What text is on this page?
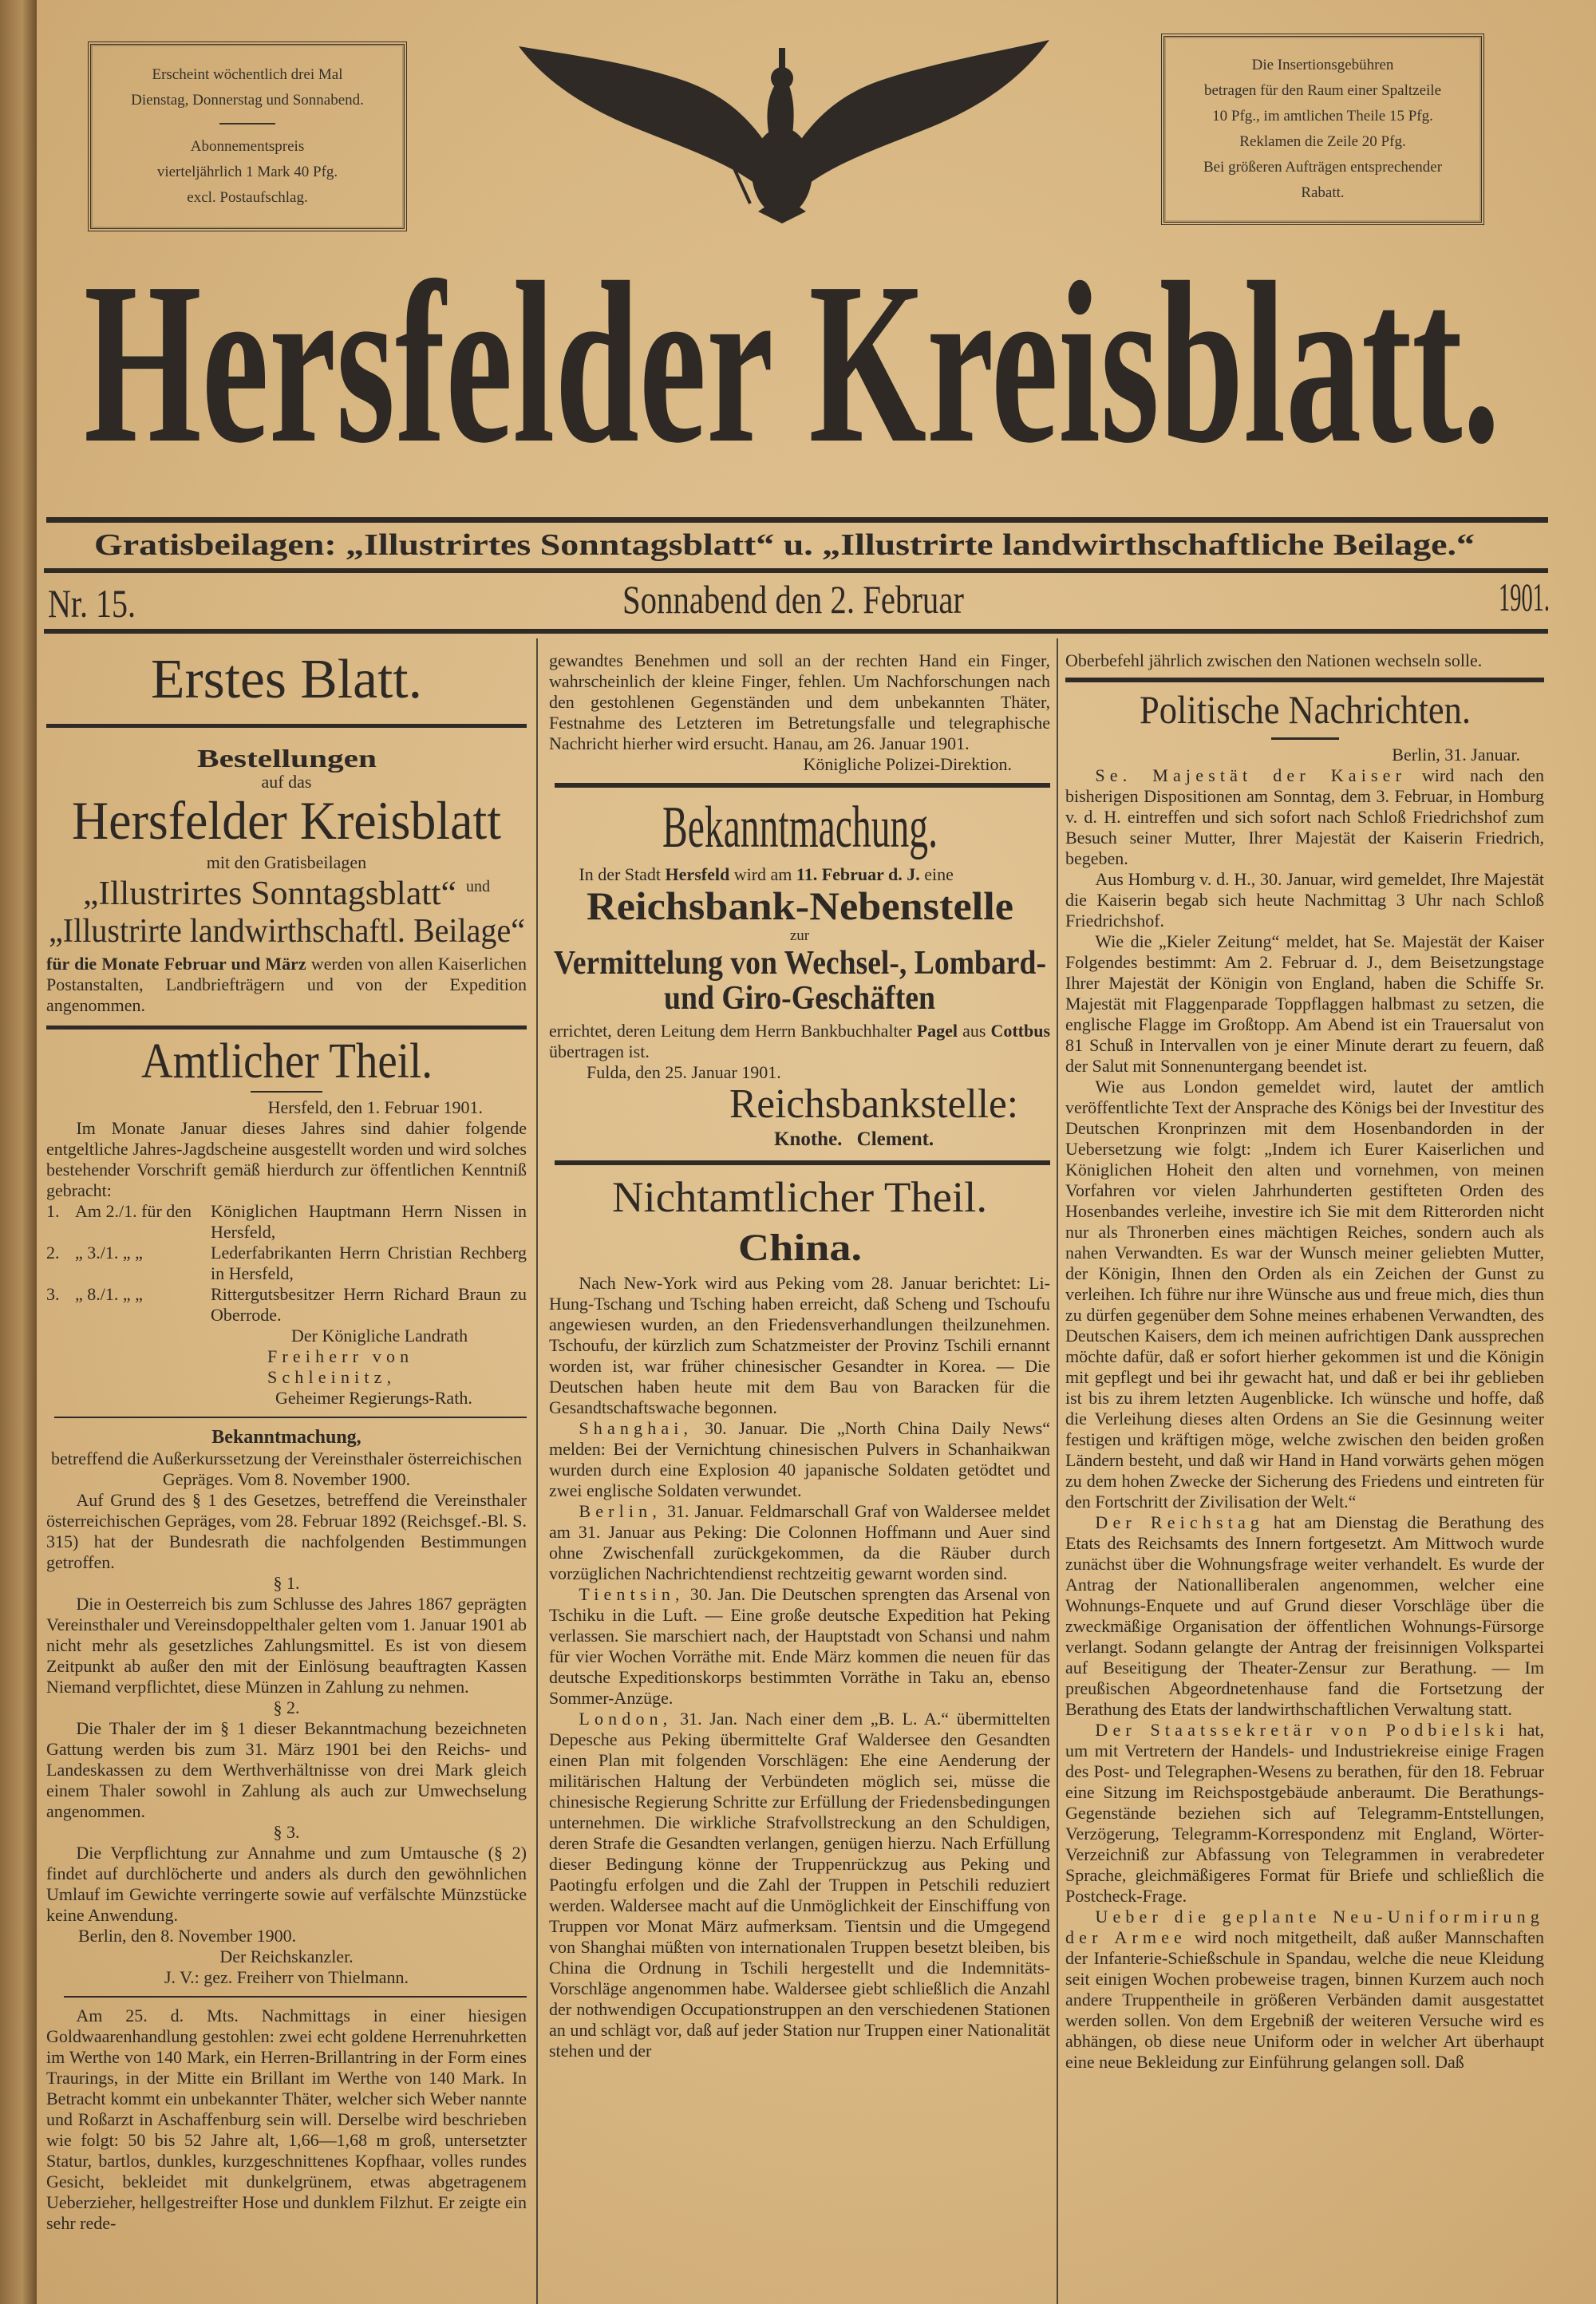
Erscheint wöchentlich drei Mal
Dienstag, Donnerstag und Sonnabend.
Abonnementspreis
vierteljährlich 1 Mark 40 Pfg.
excl. Postaufschlag.
Die Insertionsgebühren
betragen für den Raum einer Spaltzeile
10 Pfg., im amtlichen Theile 15 Pfg.
Reklamen die Zeile 20 Pfg.
Bei größeren Aufträgen entsprechender
Rabatt.
Hersfelder Kreisblatt.
Gratisbeilagen: „Illustrirtes Sonntagsblatt“ u. „Illustrirte landwirthschaftliche Beilage.“
Nr. 15.	Sonnabend den 2. Februar	1901.
Erstes Blatt.
Bestellungen
auf das
Hersfelder Kreisblatt
mit den Gratisbeilagen
„Illustrirtes Sonntagsblatt“ und
„Illustrirte landwirthschaftl. Beilage“
für die Monate Februar und März werden von allen Kaiserlichen Postanstalten, Landbriefträgern und von der Expedition angenommen.
Amtlicher Theil.
Hersfeld, den 1. Februar 1901.
Im Monate Januar dieses Jahres sind dahier folgende entgeltliche Jahres-Jagdscheine ausgestellt worden und wird solches bestehender Vorschrift gemäß hierdurch zur öffentlichen Kenntniß gebracht:
1. Am 2./1. für den	Königlichen Hauptmann Herrn Nissen in Hersfeld,
2. „ 3./1. „ „	Lederfabrikanten Herrn Christian Rechberg in Hersfeld,
3. „ 8./1. „ „	Rittergutsbesitzer Herrn Richard Braun zu Oberrode.
Der Königliche Landrath
Freiherr von Schleinitz,
Geheimer Regierungs-Rath.
Bekanntmachung,
betreffend die Außerkurssetzung der Vereinsthaler österreichischen Gepräges. Vom 8. November 1900.
Auf Grund des § 1 des Gesetzes, betreffend die Vereinsthaler österreichischen Gepräges, vom 28. Februar 1892 (Reichsgef.-Bl. S. 315) hat der Bundesrath die nachfolgenden Bestimmungen getroffen.
§ 1.
Die in Oesterreich bis zum Schlusse des Jahres 1867 geprägten Vereinsthaler und Vereinsdoppelthaler gelten vom 1. Januar 1901 ab nicht mehr als gesetzliches Zahlungsmittel. Es ist von diesem Zeitpunkt ab außer den mit der Einlösung beauftragten Kassen Niemand verpflichtet, diese Münzen in Zahlung zu nehmen.
§ 2.
Die Thaler der im § 1 dieser Bekanntmachung bezeichneten Gattung werden bis zum 31. März 1901 bei den Reichs- und Landeskassen zu dem Werthverhältnisse von drei Mark gleich einem Thaler sowohl in Zahlung als auch zur Umwechselung angenommen.
§ 3.
Die Verpflichtung zur Annahme und zum Umtausche (§ 2) findet auf durchlöcherte und anders als durch den gewöhnlichen Umlauf im Gewichte verringerte sowie auf verfälschte Münzstücke keine Anwendung.
Berlin, den 8. November 1900.
Der Reichskanzler.
J. V.: gez. Freiherr von Thielmann.
Am 25. d. Mts. Nachmittags in einer hiesigen Goldwaarenhandlung gestohlen: zwei echt goldene Herrenuhrketten im Werthe von 140 Mark, ein Herren-Brillantring in der Form eines Traurings, in der Mitte ein Brillant im Werthe von 140 Mark. In Betracht kommt ein unbekannter Thäter, welcher sich Weber nannte und Roßarzt in Aschaffenburg sein will. Derselbe wird beschrieben wie folgt: 50 bis 52 Jahre alt, 1,66—1,68 m groß, untersetzter Statur, bartlos, dunkles, kurzgeschnittenes Kopfhaar, volles rundes Gesicht, bekleidet mit dunkelgrünem, etwas abgetragenem Ueberzieher, hellgestreifter Hose und dunklem Filzhut. Er zeigte ein sehr rede-
gewandtes Benehmen und soll an der rechten Hand ein Finger, wahrscheinlich der kleine Finger, fehlen. Um Nachforschungen nach den gestohlenen Gegenständen und dem unbekannten Thäter, Festnahme des Letzteren im Betretungsfalle und telegraphische Nachricht hierher wird ersucht. Hanau, am 26. Januar 1901.
Königliche Polizei-Direktion.
Bekanntmachung.
In der Stadt Hersfeld wird am 11. Februar d. J. eine
Reichsbank-Nebenstelle
zur
Vermittelung von Wechsel-, Lombard-
und Giro-Geschäften
errichtet, deren Leitung dem Herrn Bankbuchhalter Pagel aus Cottbus übertragen ist.
Fulda, den 25. Januar 1901.
Reichsbankstelle:
Knothe. Clement.
Nichtamtlicher Theil.
China.
Nach New-York wird aus Peking vom 28. Januar berichtet: Li-Hung-Tschang und Tsching haben erreicht, daß Scheng und Tschoufu angewiesen wurden, an den Friedensverhandlungen theilzunehmen. Tschoufu, der kürzlich zum Schatzmeister der Provinz Tschili ernannt worden ist, war früher chinesischer Gesandter in Korea. — Die Deutschen haben heute mit dem Bau von Baracken für die Gesandtschaftswache begonnen.
Shanghai, 30. Januar. Die „North China Daily News“ melden: Bei der Vernichtung chinesischen Pulvers in Schanhaikwan wurden durch eine Explosion 40 japanische Soldaten getödtet und zwei englische Soldaten verwundet.
Berlin, 31. Januar. Feldmarschall Graf von Waldersee meldet am 31. Januar aus Peking: Die Colonnen Hoffmann und Auer sind ohne Zwischenfall zurückgekommen, da die Räuber durch vorzüglichen Nachrichtendienst rechtzeitig gewarnt worden sind.
Tientsin, 30. Jan. Die Deutschen sprengten das Arsenal von Tschiku in die Luft. — Eine große deutsche Expedition hat Peking verlassen. Sie marschiert nach, der Hauptstadt von Schansi und nahm für vier Wochen Vorräthe mit. Ende März kommen die neuen für das deutsche Expeditionskorps bestimmten Vorräthe in Taku an, ebenso Sommer-Anzüge.
London, 31. Jan. Nach einer dem „B. L. A.“ übermittelten Depesche aus Peking übermittelte Graf Waldersee den Gesandten einen Plan mit folgenden Vorschlägen: Ehe eine Aenderung der militärischen Haltung der Verbündeten möglich sei, müsse die chinesische Regierung Schritte zur Erfüllung der Friedensbedingungen unternehmen. Die wirkliche Strafvollstreckung an den Schuldigen, deren Strafe die Gesandten verlangen, genügen hierzu. Nach Erfüllung dieser Bedingung könne der Truppenrückzug aus Peking und Paotingfu erfolgen und die Zahl der Truppen in Petschili reduziert werden. Waldersee macht auf die Unmöglichkeit der Einschiffung von Truppen vor Monat März aufmerksam. Tientsin und die Umgegend von Shanghai müßten von internationalen Truppen besetzt bleiben, bis China die Ordnung in Tschili hergestellt und die Indemnitäts-Vorschläge angenommen habe. Waldersee giebt schließlich die Anzahl der nothwendigen Occupationstruppen an den verschiedenen Stationen an und schlägt vor, daß auf jeder Station nur Truppen einer Nationalität stehen und der
Oberbefehl jährlich zwischen den Nationen wechseln solle.
Politische Nachrichten.
Berlin, 31. Januar.
Se. Majestät der Kaiser wird nach den bisherigen Dispositionen am Sonntag, dem 3. Februar, in Homburg v. d. H. eintreffen und sich sofort nach Schloß Friedrichshof zum Besuch seiner Mutter, Ihrer Majestät der Kaiserin Friedrich, begeben.
Aus Homburg v. d. H., 30. Januar, wird gemeldet, Ihre Majestät die Kaiserin begab sich heute Nachmittag 3 Uhr nach Schloß Friedrichshof.
Wie die „Kieler Zeitung“ meldet, hat Se. Majestät der Kaiser Folgendes bestimmt: Am 2. Februar d. J., dem Beisetzungstage Ihrer Majestät der Königin von England, haben die Schiffe Sr. Majestät mit Flaggenparade Toppflaggen halbmast zu setzen, die englische Flagge im Großtopp. Am Abend ist ein Trauersalut von 81 Schuß in Intervallen von je einer Minute derart zu feuern, daß der Salut mit Sonnenuntergang beendet ist.
Wie aus London gemeldet wird, lautet der amtlich veröffentlichte Text der Ansprache des Königs bei der Investitur des Deutschen Kronprinzen mit dem Hosenbandorden in der Uebersetzung wie folgt: „Indem ich Eurer Kaiserlichen und Königlichen Hoheit den alten und vornehmen, von meinen Vorfahren vor vielen Jahrhunderten gestifteten Orden des Hosenbandes verleihe, investire ich Sie mit dem Ritterorden nicht nur als Thronerben eines mächtigen Reiches, sondern auch als nahen Verwandten. Es war der Wunsch meiner geliebten Mutter, der Königin, Ihnen den Orden als ein Zeichen der Gunst zu verleihen. Ich führe nur ihre Wünsche aus und freue mich, dies thun zu dürfen gegenüber dem Sohne meines erhabenen Verwandten, des Deutschen Kaisers, dem ich meinen aufrichtigen Dank aussprechen möchte dafür, daß er sofort hierher gekommen ist und die Königin mit gepflegt und bei ihr gewacht hat, und daß er bei ihr geblieben ist bis zu ihrem letzten Augenblicke. Ich wünsche und hoffe, daß die Verleihung dieses alten Ordens an Sie die Gesinnung weiter festigen und kräftigen möge, welche zwischen den beiden großen Ländern besteht, und daß wir Hand in Hand vorwärts gehen mögen zu dem hohen Zwecke der Sicherung des Friedens und eintreten für den Fortschritt der Zivilisation der Welt.“
Der Reichstag hat am Dienstag die Berathung des Etats des Reichsamts des Innern fortgesetzt. Am Mittwoch wurde zunächst über die Wohnungsfrage weiter verhandelt. Es wurde der Antrag der Nationalliberalen angenommen, welcher eine Wohnungs-Enquete und auf Grund dieser Vorschläge über die zweckmäßige Organisation der öffentlichen Wohnungs-Fürsorge verlangt. Sodann gelangte der Antrag der freisinnigen Volkspartei auf Beseitigung der Theater-Zensur zur Berathung. — Im preußischen Abgeordnetenhause fand die Fortsetzung der Berathung des Etats der landwirthschaftlichen Verwaltung statt.
Der Staatssekretär von Podbielski hat, um mit Vertretern der Handels- und Industriekreise einige Fragen des Post- und Telegraphen-Wesens zu berathen, für den 18. Februar eine Sitzung im Reichspostgebäude anberaumt. Die Berathungs-Gegenstände beziehen sich auf Telegramm-Entstellungen, Verzögerung, Telegramm-Korrespondenz mit England, Wörter-Verzeichniß zur Abfassung von Telegrammen in verabredeter Sprache, gleichmäßigeres Format für Briefe und schließlich die Postcheck-Frage.
Ueber die geplante Neu-Uniformirung der Armee wird noch mitgetheilt, daß außer Mannschaften der Infanterie-Schießschule in Spandau, welche die neue Kleidung seit einigen Wochen probeweise tragen, binnen Kurzem auch noch andere Truppentheile in größeren Verbänden damit ausgestattet werden sollen. Von dem Ergebniß der weiteren Versuche wird es abhängen, ob diese neue Uniform oder in welcher Art überhaupt eine neue Bekleidung zur Einführung gelangen soll. Daß
